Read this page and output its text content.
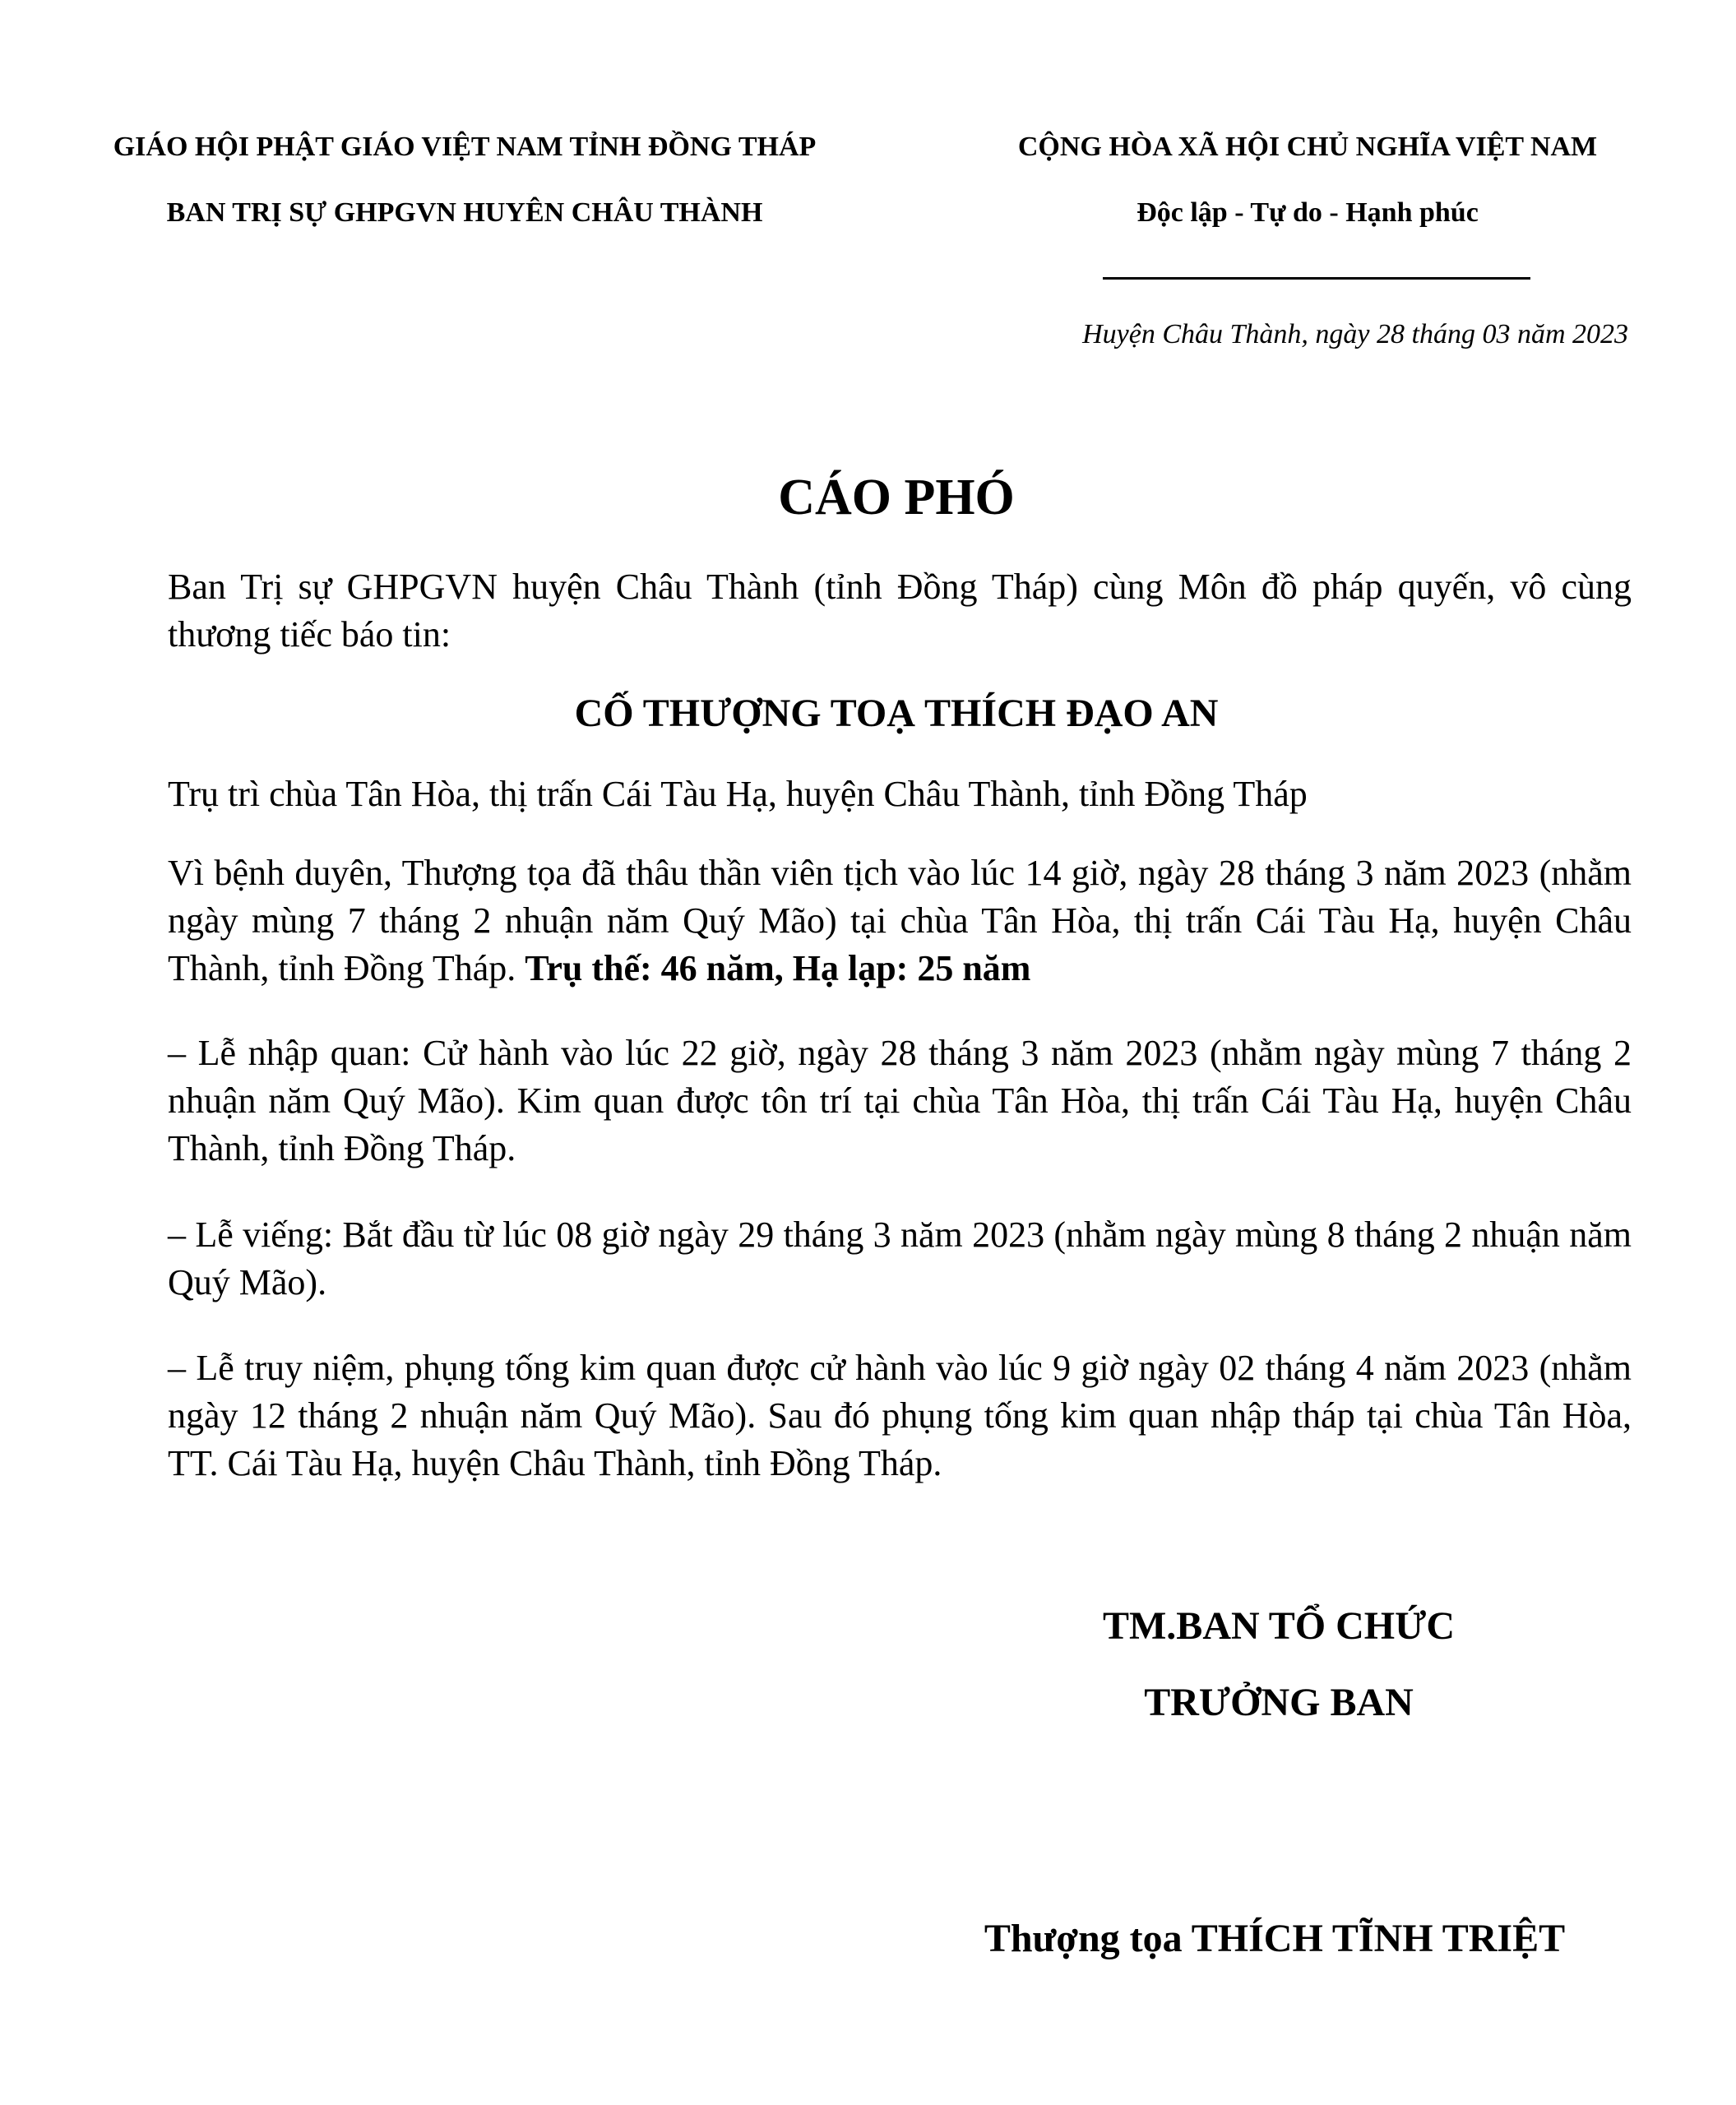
GIÁO HỘI PHẬT GIÁO VIỆT NAM TỈNH ĐỒNG THÁP
BAN TRỊ SỰ GHPGVN HUYÊN CHÂU THÀNH
CỘNG HÒA XÃ HỘI CHỦ NGHĨA VIỆT NAM
Độc lập - Tự do - Hạnh phúc
Huyện Châu Thành, ngày 28 tháng 03 năm 2023
CÁO PHÓ
Ban Trị sự GHPGVN huyện Châu Thành (tỉnh Đồng Tháp) cùng Môn đồ pháp quyến, vô cùng thương tiếc báo tin:
CỐ THƯỢNG TOẠ THÍCH ĐẠO AN
Trụ trì chùa Tân Hòa, thị trấn Cái Tàu Hạ, huyện Châu Thành, tỉnh Đồng Tháp
Vì bệnh duyên, Thượng tọa đã thâu thần viên tịch vào lúc 14 giờ, ngày 28 tháng 3 năm 2023 (nhằm ngày mùng 7 tháng 2 nhuận năm Quý Mão) tại chùa Tân Hòa, thị trấn Cái Tàu Hạ, huyện Châu Thành, tỉnh Đồng Tháp. Trụ thế: 46 năm, Hạ lạp: 25 năm
– Lễ nhập quan: Cử hành vào lúc 22 giờ, ngày 28 tháng 3 năm 2023 (nhằm ngày mùng 7 tháng 2 nhuận năm Quý Mão). Kim quan được tôn trí tại chùa Tân Hòa, thị trấn Cái Tàu Hạ, huyện Châu Thành, tỉnh Đồng Tháp.
– Lễ viếng: Bắt đầu từ lúc 08 giờ ngày 29 tháng 3 năm 2023 (nhằm ngày mùng 8 tháng 2 nhuận năm Quý Mão).
– Lễ truy niệm, phụng tống kim quan được cử hành vào lúc 9 giờ ngày 02 tháng 4 năm 2023 (nhằm ngày 12 tháng 2 nhuận năm Quý Mão). Sau đó phụng tống kim quan nhập tháp tại chùa Tân Hòa, TT. Cái Tàu Hạ, huyện Châu Thành, tỉnh Đồng Tháp.
TM.BAN TỔ CHỨC
TRƯỞNG BAN
Thượng tọa THÍCH TĨNH TRIỆT
